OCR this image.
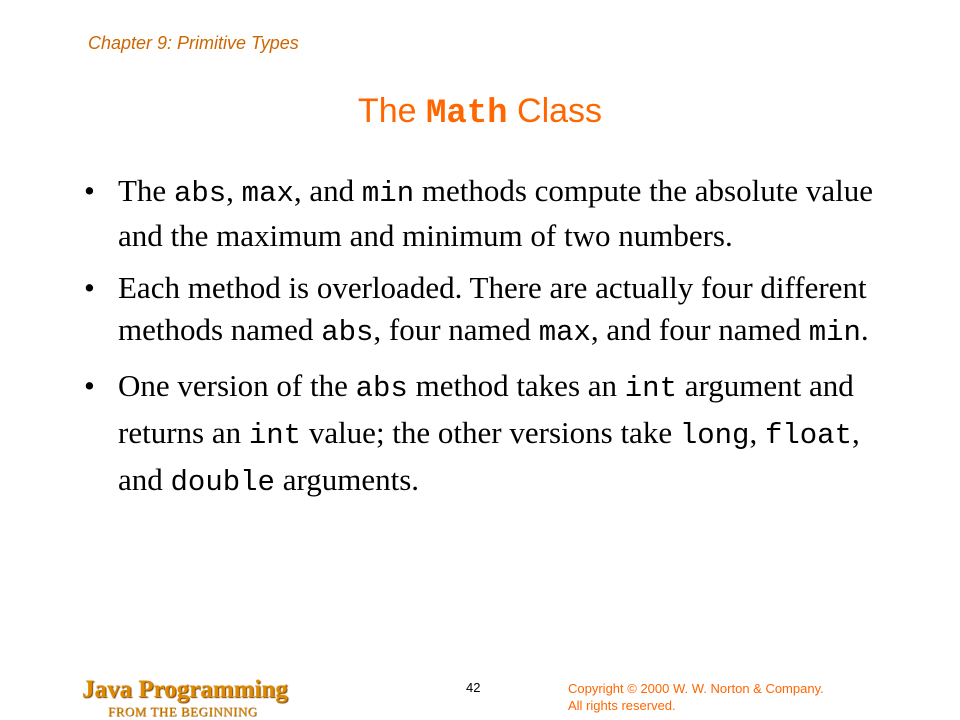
Chapter 9: Primitive Types
The Math Class
• The abs, max, and min methods compute the absolute value and the maximum and minimum of two numbers.
• Each method is overloaded. There are actually four different methods named abs, four named max, and four named min.
• One version of the abs method takes an int argument and returns an int value; the other versions take long, float, and double arguments.
Java Programming
FROM THE BEGINNING
42	Copyright © 2000 W. W. Norton & Company.
All rights reserved.
